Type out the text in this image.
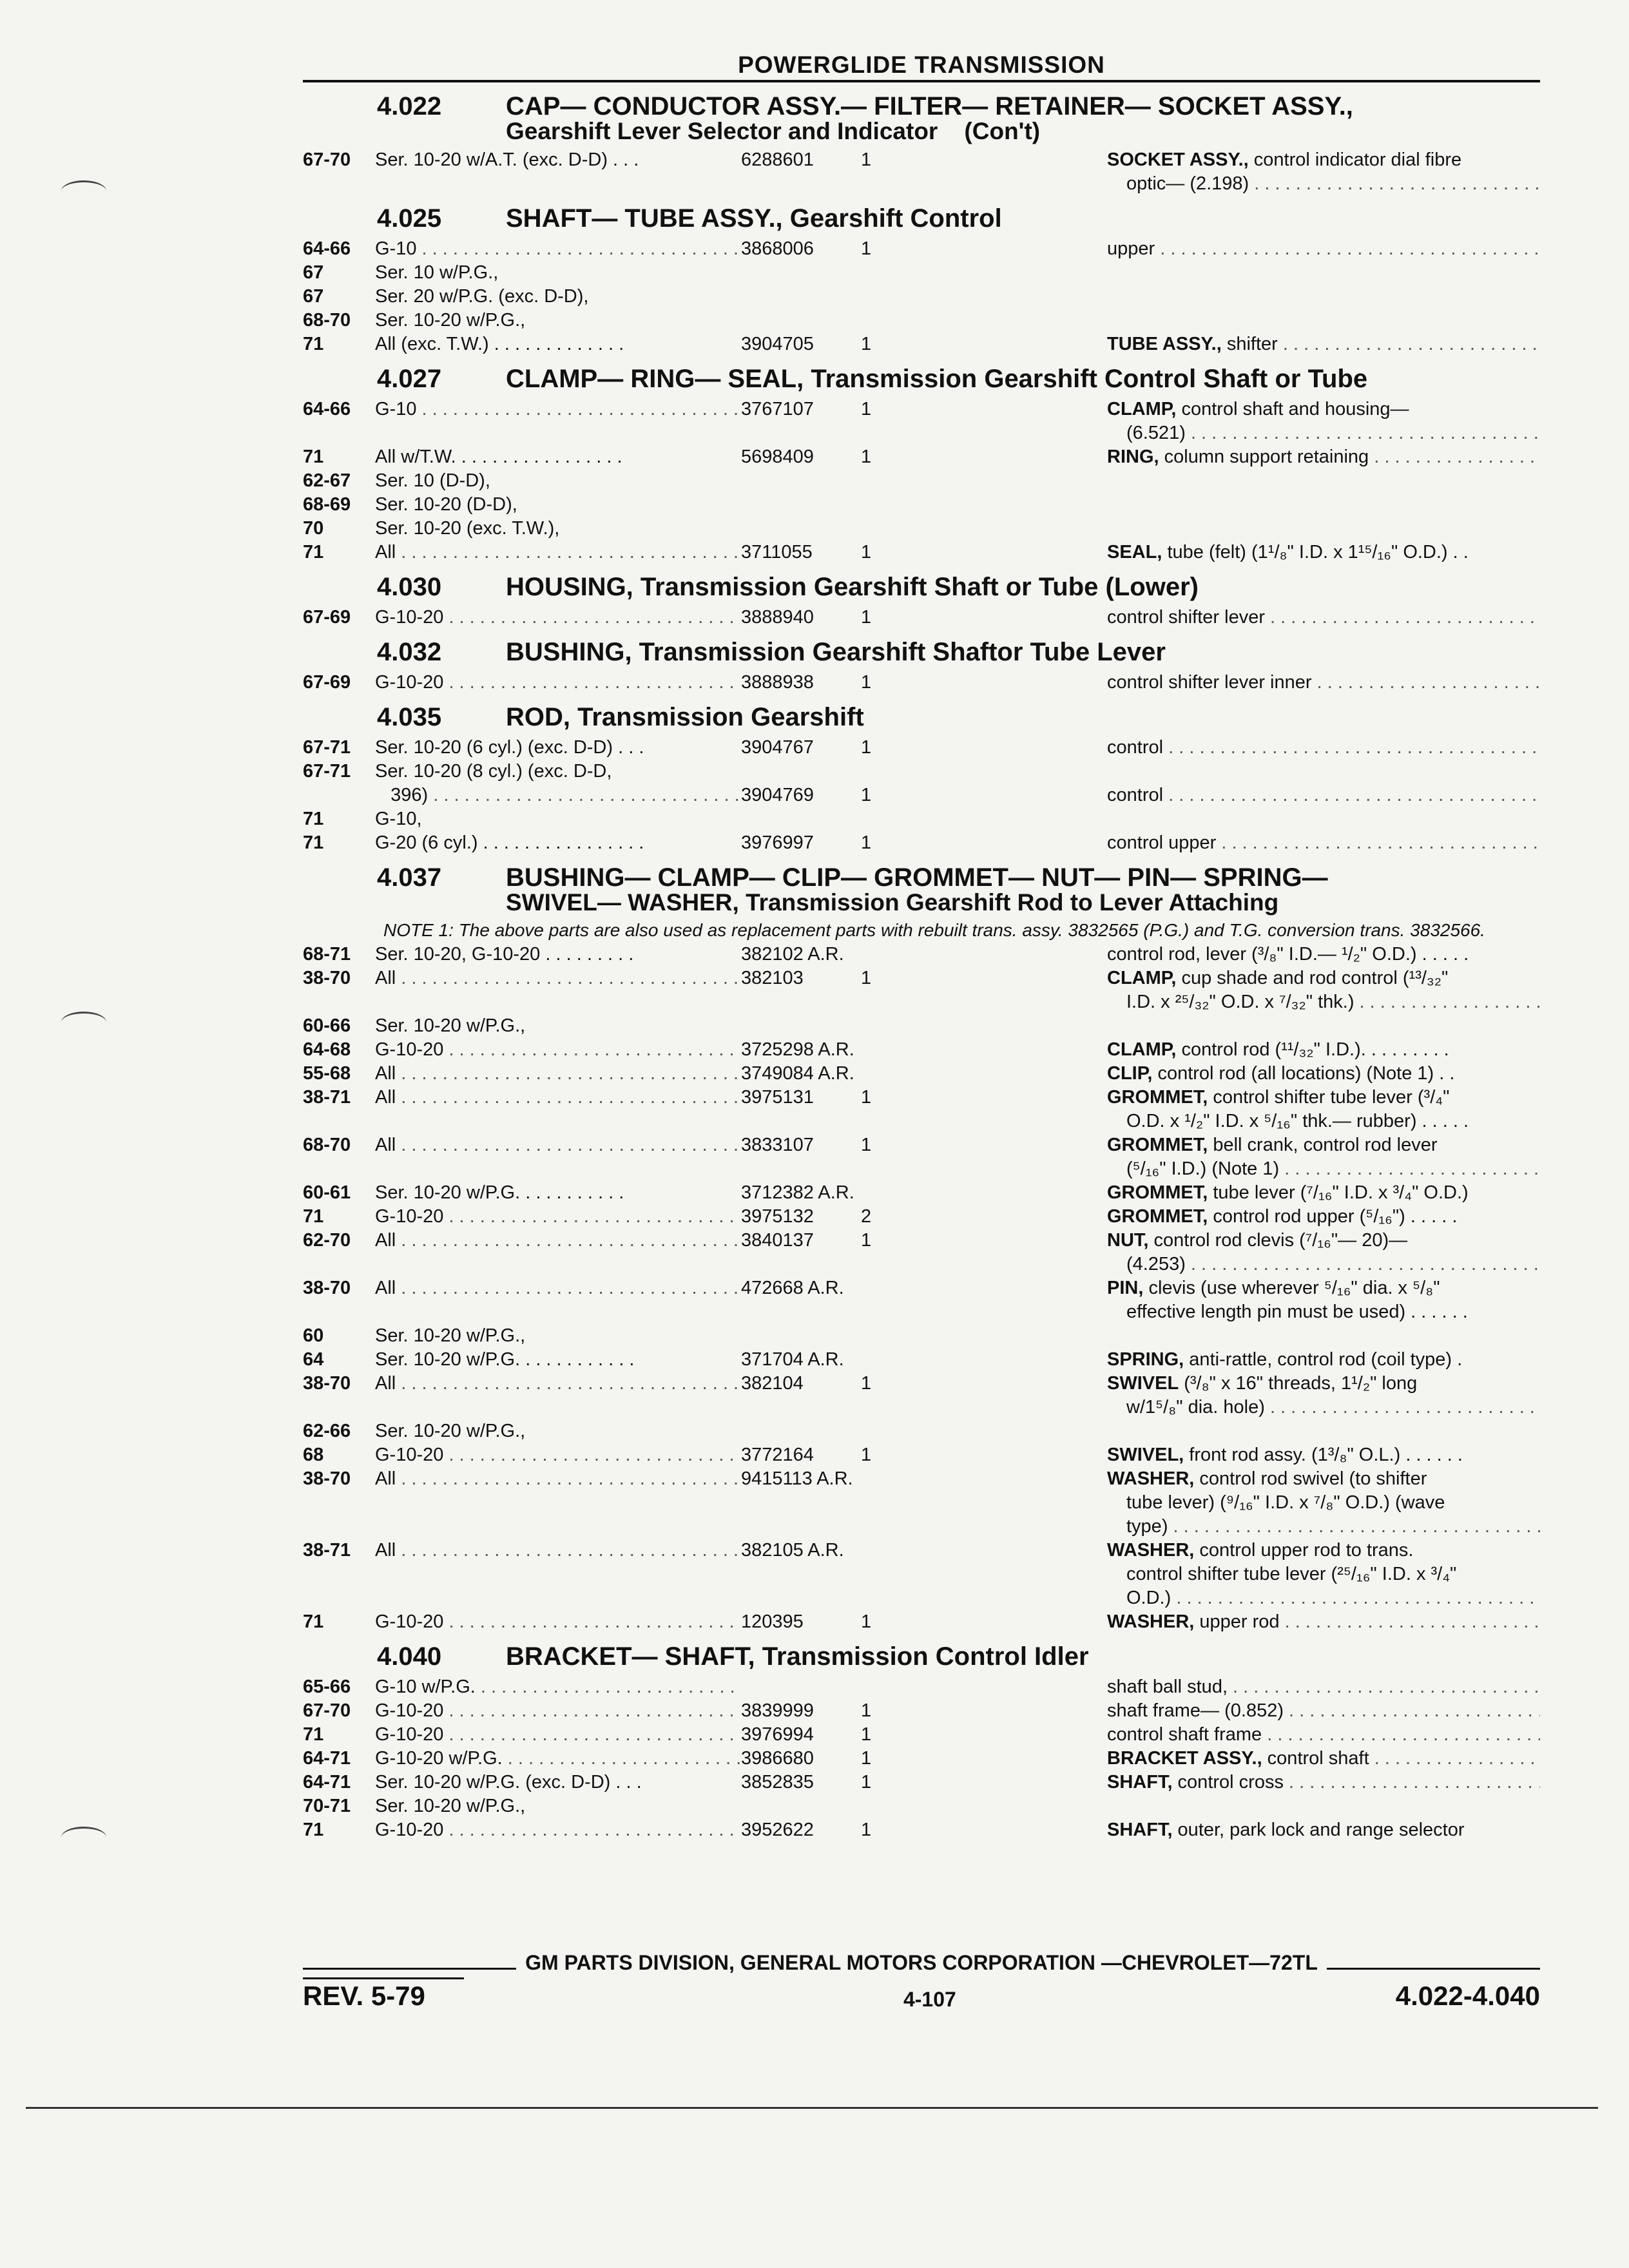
POWERGLIDE TRANSMISSION
4.022	CAP— CONDUCTOR ASSY.— FILTER— RETAINER— SOCKET ASSY.,
Gearshift Lever Selector and Indicator    (Con't)
67-70	Ser. 10-20 w/A.T. (exc. D-D) . . .	6288601	1	SOCKET ASSY., control indicator dial fibre
optic— (2.198) . . .
4.025	SHAFT— TUBE ASSY., Gearshift Control
64-66	G-10 . . .	3868006	1	upper . . .
67	Ser. 10 w/P.G.,
67	Ser. 20 w/P.G. (exc. D-D),
68-70	Ser. 10-20 w/P.G.,
71	All (exc. T.W.) . . . . . . . . . . . . .	3904705	1	TUBE ASSY., shifter . . .
4.027	CLAMP— RING— SEAL, Transmission Gearshift Control Shaft or Tube
64-66	G-10 . . .	3767107	1	CLAMP, control shaft and housing—
(6.521) . . .
71	All w/T.W. . . . . . . . . . . . . . . . .	5698409	1	RING, column support retaining . . .
62-67	Ser. 10 (D-D),
68-69	Ser. 10-20 (D-D),
70	Ser. 10-20 (exc. T.W.),
71	All . . .	3711055	1	SEAL, tube (felt) (1¹/₈" I.D. x 1¹⁵/₁₆" O.D.) . .
4.030	HOUSING, Transmission Gearshift Shaft or Tube (Lower)
67-69	G-10-20 . . .	3888940	1	control shifter lever . . .
4.032	BUSHING, Transmission Gearshift Shaftor Tube Lever
67-69	G-10-20 . . .	3888938	1	control shifter lever inner . . .
4.035	ROD, Transmission Gearshift
67-71	Ser. 10-20 (6 cyl.) (exc. D-D) . . .	3904767	1	control . . .
67-71	Ser. 10-20 (8 cyl.) (exc. D-D,
396) . . .	3904769	1	control . . .
71	G-10,
71	G-20 (6 cyl.) . . . . . . . . . . . . . . . .	3976997	1	control upper . . .
4.037	BUSHING— CLAMP— CLIP— GROMMET— NUT— PIN— SPRING—
SWIVEL— WASHER, Transmission Gearshift Rod to Lever Attaching
NOTE 1: The above parts are also used as replacement parts with rebuilt trans. assy. 3832565 (P.G.) and T.G. conversion trans. 3832566.
68-71	Ser. 10-20, G-10-20 . . . . . . . . .	382102 A.R.	control rod, lever (³/₈" I.D.— ¹/₂" O.D.) . . . . .
38-70	All . . .	382103	1	CLAMP, cup shade and rod control (¹³/₃₂"
I.D. x ²⁵/₃₂" O.D. x ⁷/₃₂" thk.) . . .
60-66	Ser. 10-20 w/P.G.,
64-68	G-10-20 . . .	3725298 A.R.	CLAMP, control rod (¹¹/₃₂" I.D.). . . . . . . . .
55-68	All . . .	3749084 A.R.	CLIP, control rod (all locations) (Note 1) . .
38-71	All . . .	3975131	1	GROMMET, control shifter tube lever (³/₄"
O.D. x ¹/₂" I.D. x ⁵/₁₆" thk.— rubber) . . . . .
68-70	All . . .	3833107	1	GROMMET, bell crank, control rod lever
(⁵/₁₆" I.D.) (Note 1) . . .
60-61	Ser. 10-20 w/P.G. . . . . . . . . . .	3712382 A.R.	GROMMET, tube lever (⁷/₁₆" I.D. x ³/₄" O.D.)
71	G-10-20 . . .	3975132	2	GROMMET, control rod upper (⁵/₁₆") . . . . .
62-70	All . . .	3840137	1	NUT, control rod clevis (⁷/₁₆"— 20)—
(4.253) . . .
38-70	All . . .	472668 A.R.	PIN, clevis (use wherever ⁵/₁₆" dia. x ⁵/₈"
effective length pin must be used) . . . . . .
60	Ser. 10-20 w/P.G.,
64	Ser. 10-20 w/P.G. . . . . . . . . . . .	371704 A.R.	SPRING, anti-rattle, control rod (coil type) .
38-70	All . . .	382104	1	SWIVEL (³/₈" x 16" threads, 1¹/₂" long
w/1⁵/₈" dia. hole) . . .
62-66	Ser. 10-20 w/P.G.,
68	G-10-20 . . .	3772164	1	SWIVEL, front rod assy. (1³/₈" O.L.) . . . . . .
38-70	All . . .	9415113 A.R.	WASHER, control rod swivel (to shifter
tube lever) (⁹/₁₆" I.D. x ⁷/₈" O.D.) (wave
type) . . .
38-71	All . . .	382105 A.R.	WASHER, control upper rod to trans.
control shifter tube lever (²⁵/₁₆" I.D. x ³/₄"
O.D.) . . .
71	G-10-20 . . .	120395	1	WASHER, upper rod . . .
4.040	BRACKET— SHAFT, Transmission Control Idler
65-66	G-10 w/P.G. . . .	shaft ball stud, . . .
67-70	G-10-20 . . .	3839999	1	shaft frame— (0.852) . . .
71	G-10-20 . . .	3976994	1	control shaft frame . . .
64-71	G-10-20 w/P.G. . . .	3986680	1	BRACKET ASSY., control shaft . . .
64-71	Ser. 10-20 w/P.G. (exc. D-D) . . .	3852835	1	SHAFT, control cross . . .
70-71	Ser. 10-20 w/P.G.,
71	G-10-20 . . .	3952622	1	SHAFT, outer, park lock and range selector
GM PARTS DIVISION, GENERAL MOTORS CORPORATION —CHEVROLET—72TL
REV. 5-79	4-107	4.022-4.040
